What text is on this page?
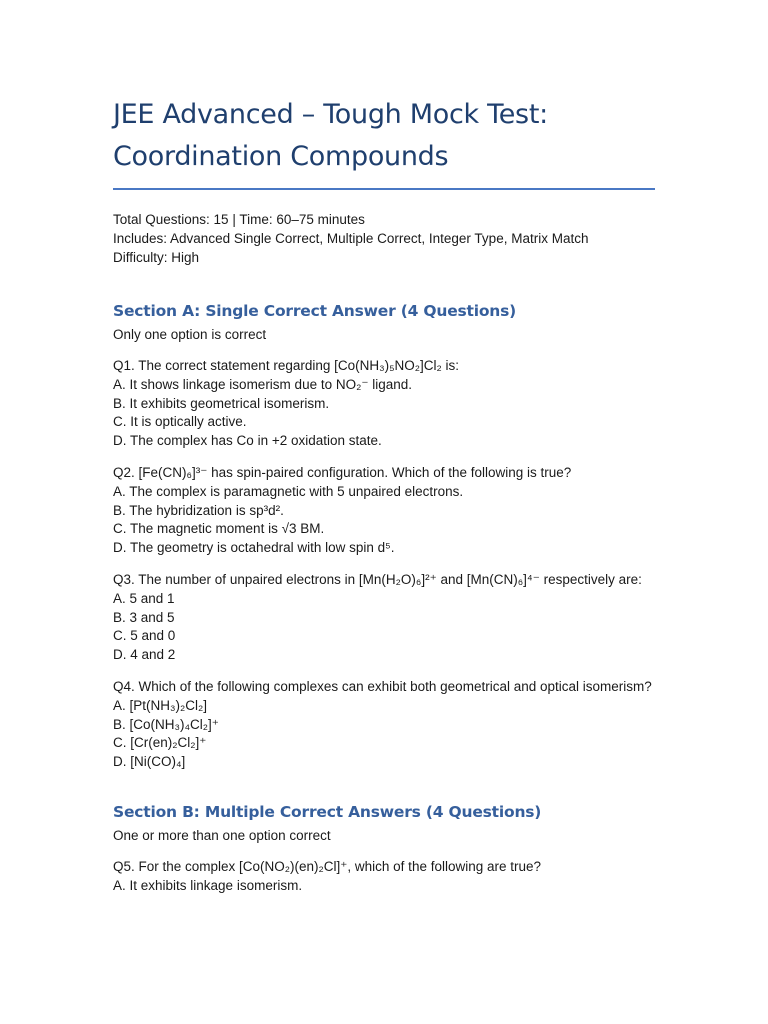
JEE Advanced – Tough Mock Test:
Coordination Compounds
Total Questions: 15 | Time: 60–75 minutes
Includes: Advanced Single Correct, Multiple Correct, Integer Type, Matrix Match
Difficulty: High
Section A: Single Correct Answer (4 Questions)
Only one option is correct
Q1. The correct statement regarding [Co(NH₃)₅NO₂]Cl₂ is:
A. It shows linkage isomerism due to NO₂⁻ ligand.
B. It exhibits geometrical isomerism.
C. It is optically active.
D. The complex has Co in +2 oxidation state.
Q2. [Fe(CN)₆]³⁻ has spin-paired configuration. Which of the following is true?
A. The complex is paramagnetic with 5 unpaired electrons.
B. The hybridization is sp³d².
C. The magnetic moment is √3 BM.
D. The geometry is octahedral with low spin d⁵.
Q3. The number of unpaired electrons in [Mn(H₂O)₆]²⁺ and [Mn(CN)₆]⁴⁻ respectively are:
A. 5 and 1
B. 3 and 5
C. 5 and 0
D. 4 and 2
Q4. Which of the following complexes can exhibit both geometrical and optical isomerism?
A. [Pt(NH₃)₂Cl₂]
B. [Co(NH₃)₄Cl₂]⁺
C. [Cr(en)₂Cl₂]⁺
D. [Ni(CO)₄]
Section B: Multiple Correct Answers (4 Questions)
One or more than one option correct
Q5. For the complex [Co(NO₂)(en)₂Cl]⁺, which of the following are true?
A. It exhibits linkage isomerism.
